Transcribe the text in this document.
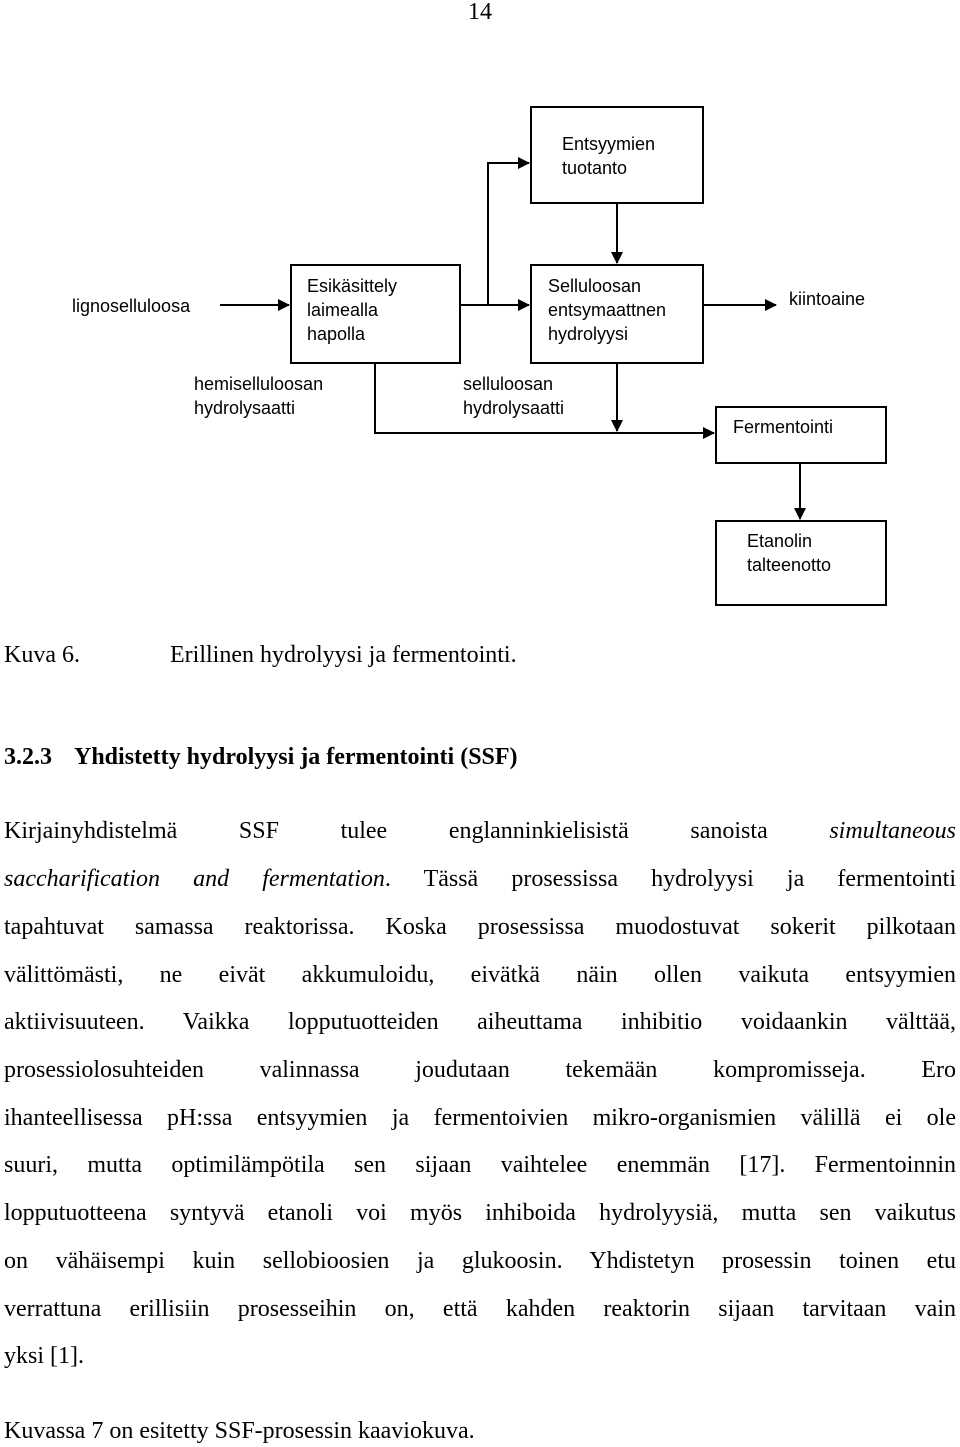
14
Entsyymien
tuotanto
lignoselluloosa
Esikäsittely
laimealla
hapolla
Selluloosan
entsymaattnen
hydrolyysi
kiintoaine
hemiselluloosan
hydrolysaatti
selluloosan
hydrolysaatti
Fermentointi
Etanolin
talteenotto
Kuva 6.	Erillinen hydrolyysi ja fermentointi.
3.2.3 Yhdistetty hydrolyysi ja fermentointi (SSF)
Kirjainyhdistelmä SSF tulee englanninkielisistä sanoista simultaneous
saccharification and fermentation. Tässä prosessissa hydrolyysi ja fermentointi
tapahtuvat samassa reaktorissa. Koska prosessissa muodostuvat sokerit pilkotaan
välittömästi, ne eivät akkumuloidu, eivätkä näin ollen vaikuta entsyymien
aktiivisuuteen. Vaikka lopputuotteiden aiheuttama inhibitio voidaankin välttää,
prosessiolosuhteiden valinnassa joudutaan tekemään kompromisseja. Ero
ihanteellisessa pH:ssa entsyymien ja fermentoivien mikro-organismien välillä ei ole
suuri, mutta optimilämpötila sen sijaan vaihtelee enemmän [17]. Fermentoinnin
lopputuotteena syntyvä etanoli voi myös inhiboida hydrolyysiä, mutta sen vaikutus
on vähäisempi kuin sellobioosien ja glukoosin. Yhdistetyn prosessin toinen etu
verrattuna erillisiin prosesseihin on, että kahden reaktorin sijaan tarvitaan vain
yksi [1].
Kuvassa 7 on esitetty SSF-prosessin kaaviokuva.
